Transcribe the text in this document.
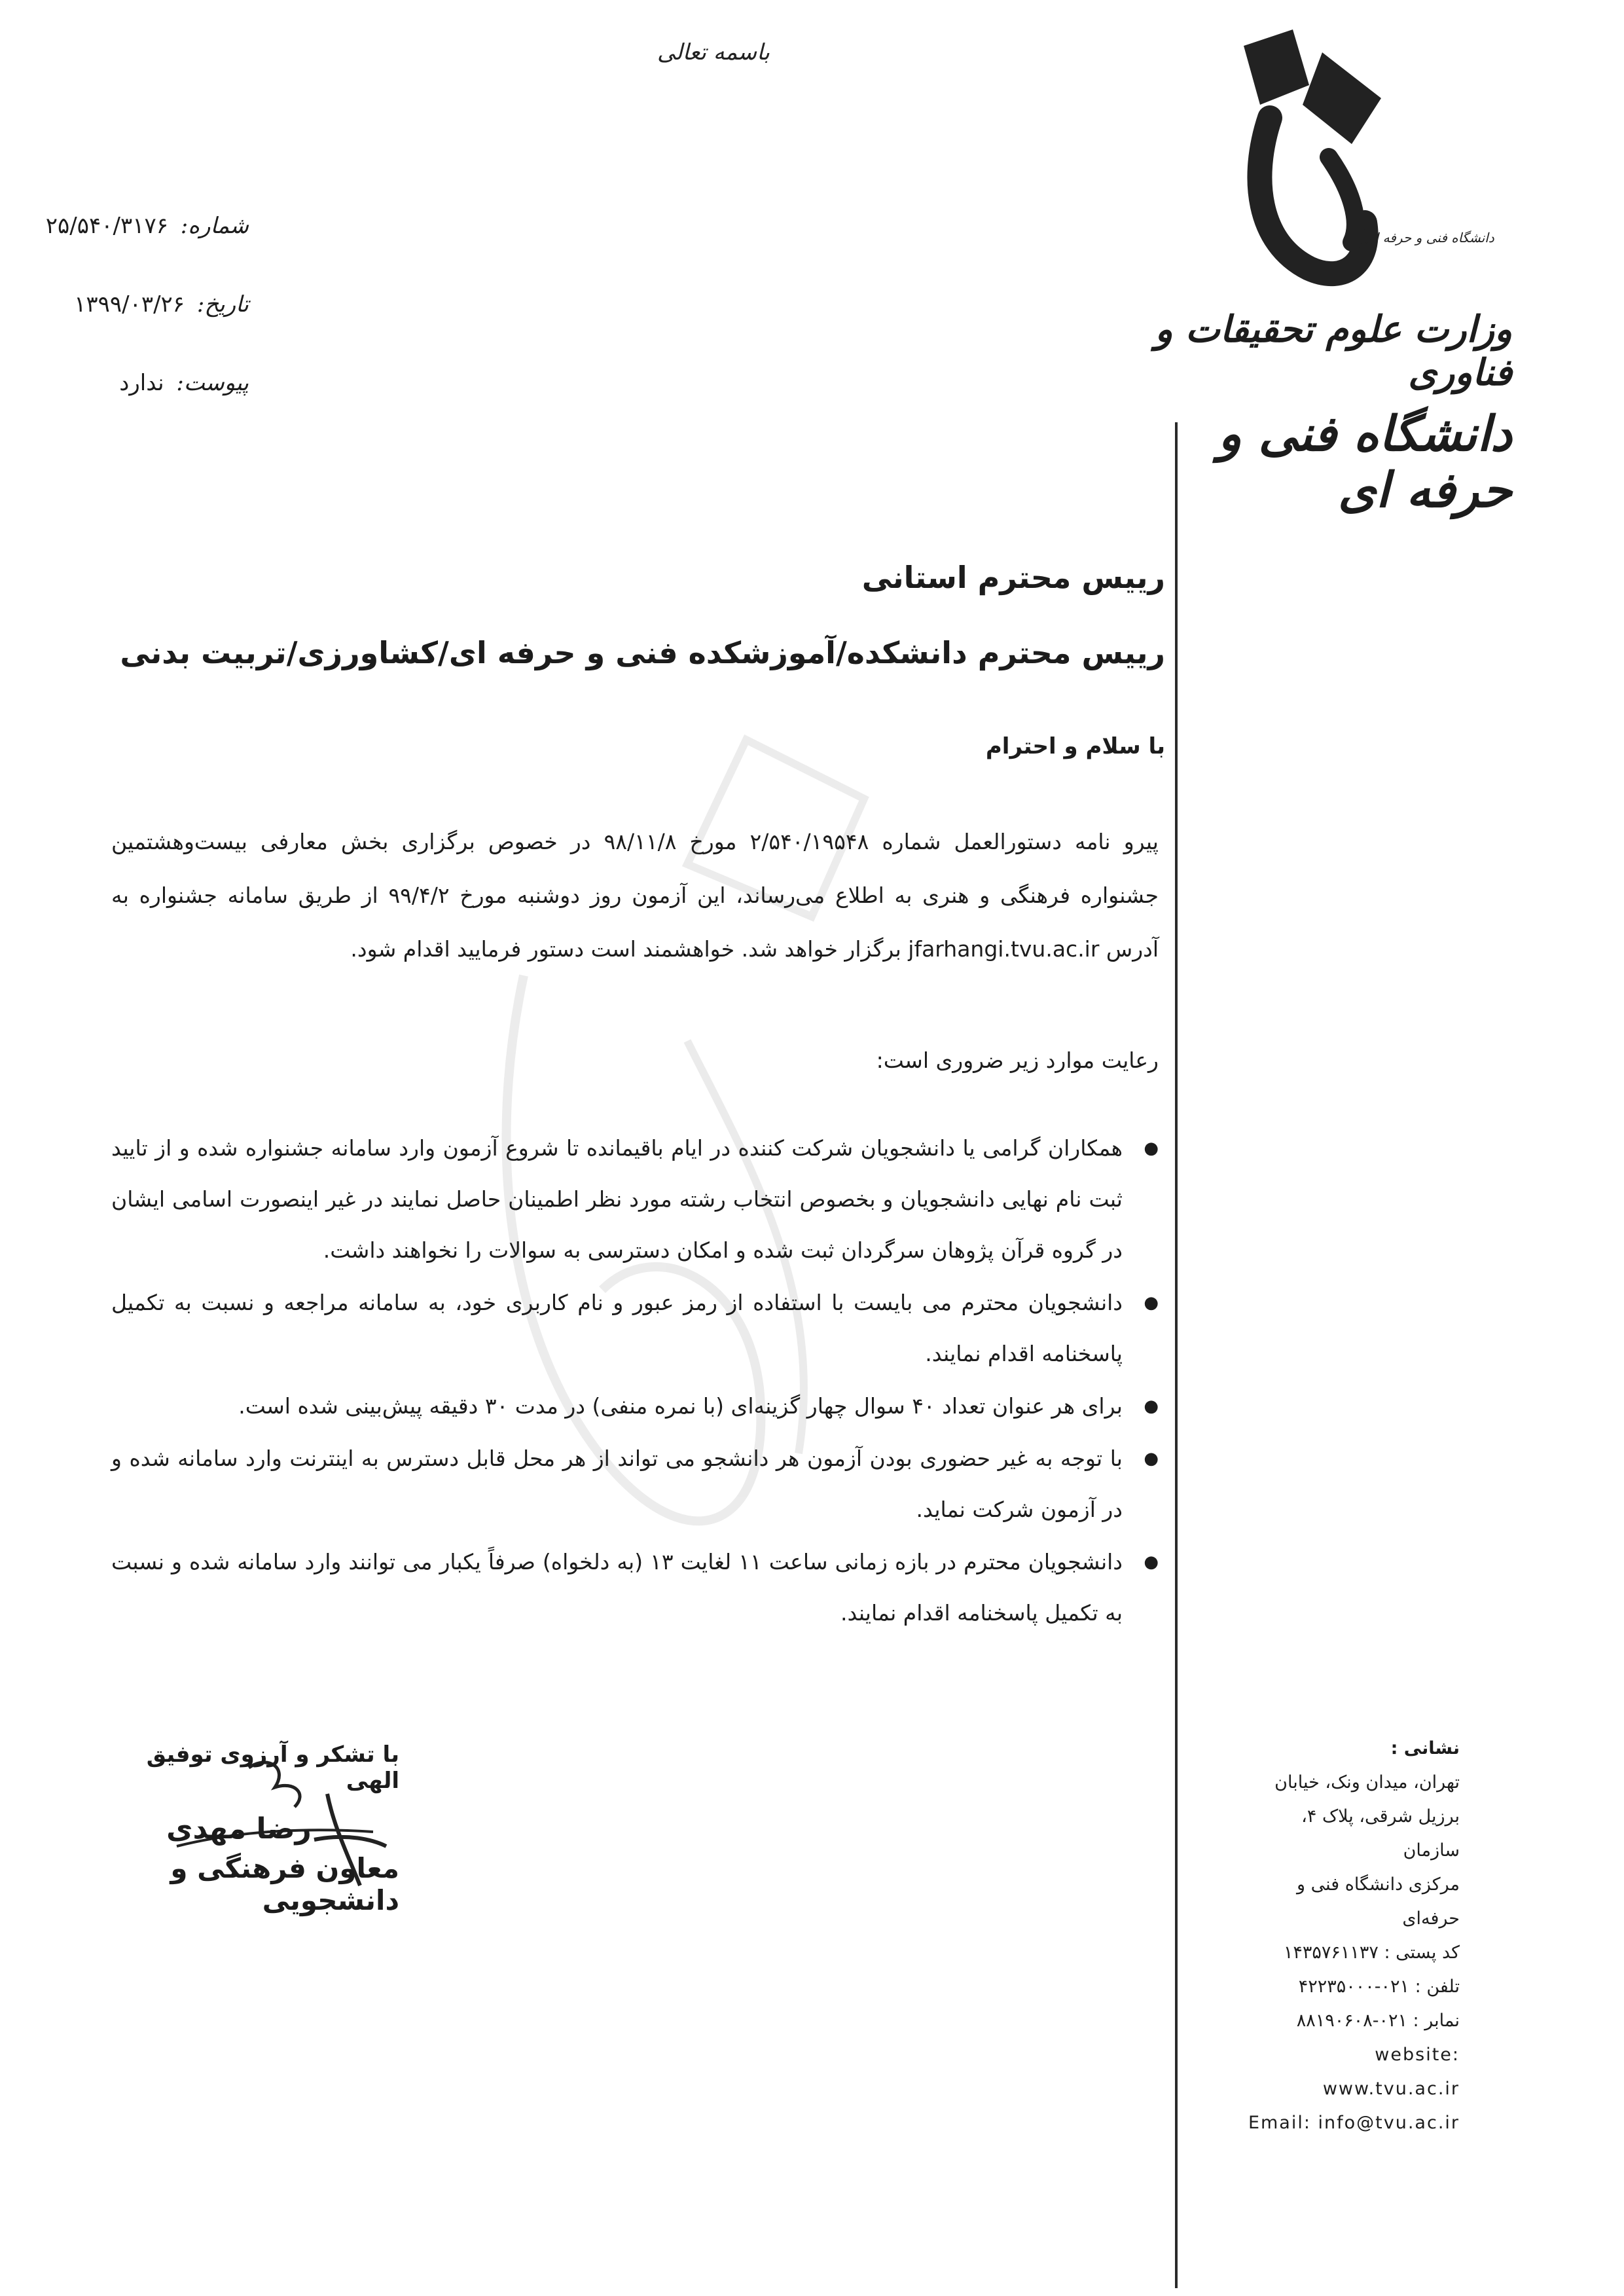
باسمه تعالی
شماره: ۲۵/۵۴۰/۳۱۷۶
تاریخ: ۱۳۹۹/۰۳/۲۶
پیوست: ندارد
دانشگاه فنی و حرفه ای
وزارت علوم تحقیقات و فناوری
دانشگاه فنی و حرفه ای
رییس محترم استانی
رییس محترم دانشکده/آموزشکده فنی و حرفه ای/کشاورزی/تربیت بدنی
با سلام و احترام
پیرو نامه دستورالعمل شماره ۲/۵۴۰/۱۹۵۴۸ مورخ ۹۸/۱۱/۸ در خصوص برگزاری بخش معارفی بیست‌وهشتمین جشنواره فرهنگی و هنری به اطلاع می‌رساند، این آزمون روز دوشنبه مورخ ۹۹/۴/۲ از طریق سامانه جشنواره به آدرس jfarhangi.tvu.ac.ir برگزار خواهد شد. خواهشمند است دستور فرمایید اقدام شود.
رعایت موارد زیر ضروری است:
● همکاران گرامی یا دانشجویان شرکت کننده در ایام باقیمانده تا شروع آزمون وارد سامانه جشنواره شده و از تایید ثبت نام نهایی دانشجویان و بخصوص انتخاب رشته مورد نظر اطمینان حاصل نمایند در غیر اینصورت اسامی ایشان در گروه قرآن پژوهان سرگردان ثبت شده و امکان دسترسی به سوالات را نخواهند داشت.
● دانشجویان محترم می بایست با استفاده از رمز عبور و نام کاربری خود، به سامانه مراجعه و نسبت به تکمیل پاسخنامه اقدام نمایند.
● برای هر عنوان تعداد ۴۰ سوال چهار گزینه‌ای (با نمره منفی) در مدت ۳۰ دقیقه پیش‌بینی شده است.
● با توجه به غیر حضوری بودن آزمون هر دانشجو می تواند از هر محل قابل دسترس به اینترنت وارد سامانه شده و در آزمون شرکت نماید.
● دانشجویان محترم در بازه زمانی ساعت ۱۱ لغایت ۱۳ (به دلخواه) صرفاً یکبار می توانند وارد سامانه شده و نسبت به تکمیل پاسخنامه اقدام نمایند.
با تشکر و آرزوی توفیق الهی
رضا مهدی
معاون فرهنگی و دانشجویی
نشانی :
تهران، میدان ونک، خیابان
برزیل شرقی، پلاک ۴، سازمان
مرکزی دانشگاه فنی و حرفه‌ای
کد پستی : ۱۴۳۵۷۶۱۱۳۷
تلفن : ۰۲۱-۴۲۲۳۵۰۰۰
نمابر : ۰۲۱-۸۸۱۹۰۶۰۸
website: www.tvu.ac.ir
Email: info@tvu.ac.ir
